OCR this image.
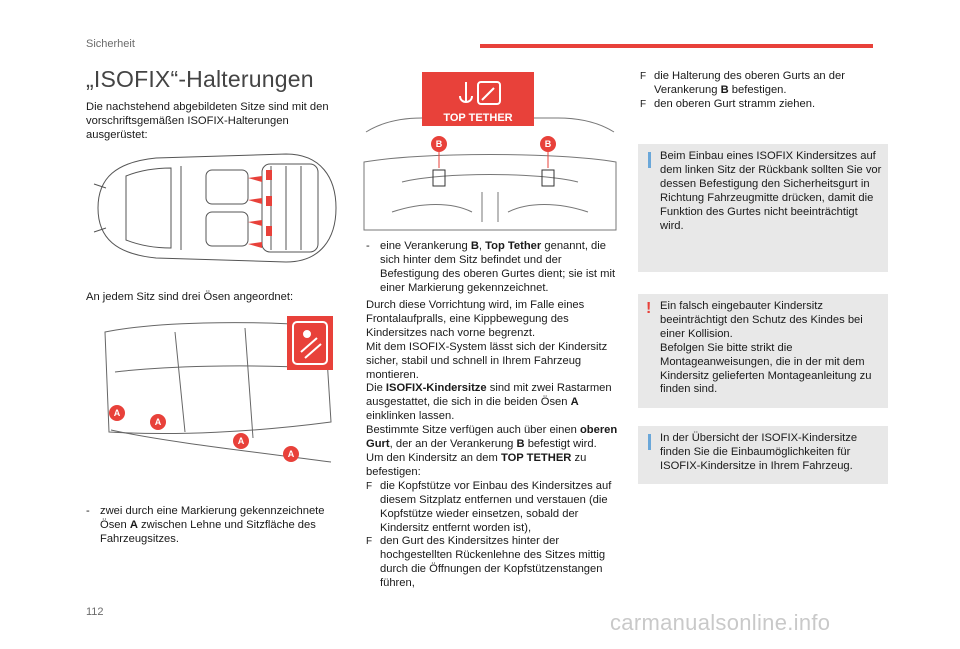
Sicherheit
„ISOFIX“-Halterungen
Die nachstehend abgebildeten Sitze sind mit den vorschriftsgemäßen ISOFIX-Halterungen ausgerüstet:
An jedem Sitz sind drei Ösen angeordnet:
A
A
A
A
- zwei durch eine Markierung gekennzeichnete Ösen A zwischen Lehne und Sitzfläche des Fahrzeugsitzes.
TOP TETHER
B	B
- eine Verankerung B, Top Tether genannt, die sich hinter dem Sitz befindet und der Befestigung des oberen Gurtes dient; sie ist mit einer Markierung gekennzeichnet.
Durch diese Vorrichtung wird, im Falle eines Frontalaufpralls, eine Kippbewegung des Kindersitzes nach vorne begrenzt.
Mit dem ISOFIX-System lässt sich der Kindersitz sicher, stabil und schnell in Ihrem Fahrzeug montieren.
Die ISOFIX-Kindersitze sind mit zwei Rastarmen ausgestattet, die sich in die beiden Ösen A einklinken lassen.
Bestimmte Sitze verfügen auch über einen oberen Gurt, der an der Verankerung B befestigt wird.
Um den Kindersitz an dem TOP TETHER zu befestigen:
F die Kopfstütze vor Einbau des Kindersitzes auf diesem Sitzplatz entfernen und verstauen (die Kopfstütze wieder einsetzen, sobald der Kindersitz entfernt worden ist),
F den Gurt des Kindersitzes hinter der hochgestellten Rückenlehne des Sitzes mittig durch die Öffnungen der Kopfstützenstangen führen,
F die Halterung des oberen Gurts an der Verankerung B befestigen.
F den oberen Gurt stramm ziehen.
Beim Einbau eines ISOFIX Kindersitzes auf dem linken Sitz der Rückbank sollten Sie vor dessen Befestigung den Sicherheitsgurt in Richtung Fahrzeugmitte drücken, damit die Funktion des Gurtes nicht beeinträchtigt wird.
! Ein falsch eingebauter Kindersitz beeinträchtigt den Schutz des Kindes bei einer Kollision.
Befolgen Sie bitte strikt die Montageanweisungen, die in der mit dem Kindersitz gelieferten Montageanleitung zu finden sind.
In der Übersicht der ISOFIX-Kindersitze finden Sie die Einbaumöglichkeiten für ISOFIX-Kindersitze in Ihrem Fahrzeug.
112	carmanualsonline.info
